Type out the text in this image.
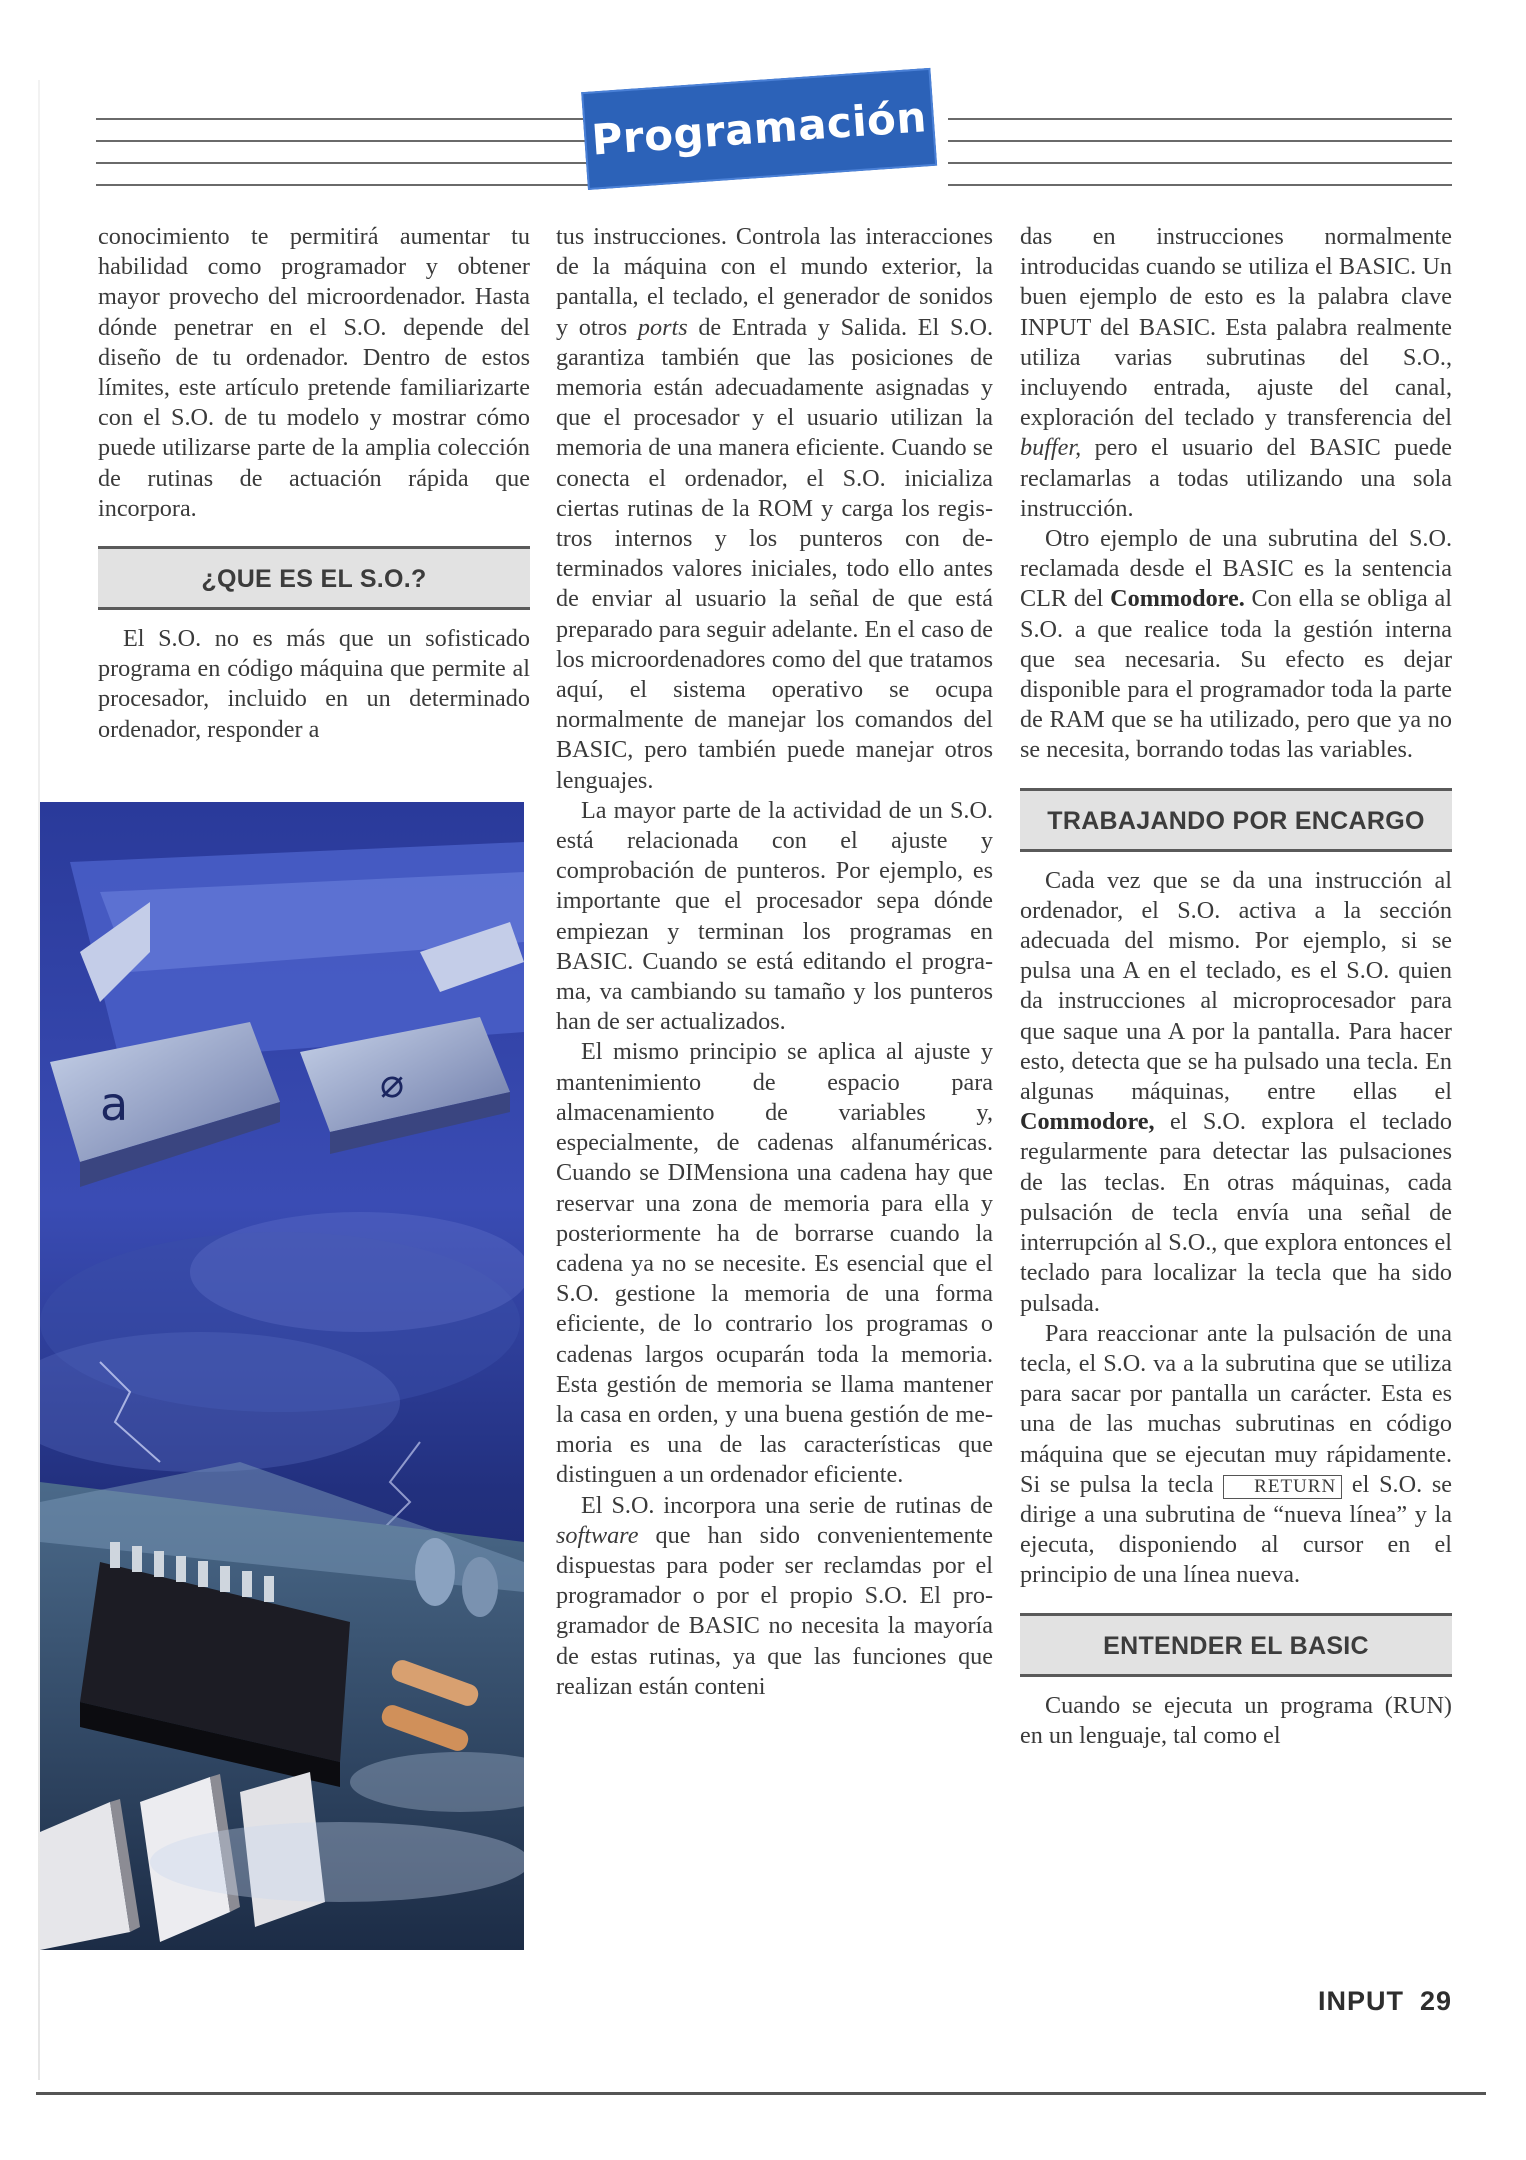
Programación

conocimiento te permitirá aumentar tu habilidad como programador y obtener mayor provecho del microordenador. Hasta dónde penetrar en el S.O. depende del diseño de tu ordenador. Dentro de estos límites, este artículo pretende familiarizarte con el S.O. de tu modelo y mostrar cómo puede utilizarse parte de la amplia colección de rutinas de actuación rápida que incorpora.

¿QUE ES EL S.O.?

El S.O. no es más que un sofisticado programa en código máquina que permite al procesador, incluido en un determinado ordenador, responder a

a	⌀

tus instrucciones. Controla las interacciones de la máquina con el mundo exterior, la pantalla, el teclado, el generador de sonidos y otros ports de Entrada y Salida. El S.O. garantiza también que las posiciones de memoria están adecuadamente asignadas y que el procesador y el usuario utilizan la memoria de una manera eficiente. Cuando se conecta el ordenador, el S.O. inicializa ciertas rutinas de la ROM y carga los registros internos y los punteros con determinados valores iniciales, todo ello antes de enviar al usuario la señal de que está preparado para seguir adelante. En el caso de los microordenadores como del que tratamos aquí, el sistema operativo se ocupa normalmente de manejar los comandos del BASIC, pero también puede manejar otros lenguajes.

La mayor parte de la actividad de un S.O. está relacionada con el ajuste y comprobación de punteros. Por ejemplo, es importante que el procesador sepa dónde empiezan y terminan los programas en BASIC. Cuando se está editando el programa, va cambiando su tamaño y los punteros han de ser actualizados.

El mismo principio se aplica al ajuste y mantenimiento de espacio para almacenamiento de variables y, especialmente, de cadenas alfanuméricas. Cuando se DIMensiona una cadena hay que reservar una zona de memoria para ella y posteriormente ha de borrarse cuando la cadena ya no se necesite. Es esencial que el S.O. gestione la memoria de una forma eficiente, de lo contrario los programas o cadenas largos ocuparán toda la memoria. Esta gestión de memoria se llama mantener la casa en orden, y una buena gestión de memoria es una de las características que distinguen a un ordenador eficiente.

El S.O. incorpora una serie de rutinas de software que han sido convenientemente dispuestas para poder ser reclamdas por el programador o por el propio S.O. El programador de BASIC no necesita la mayoría de estas rutinas, ya que las funciones que realizan están conteni

das en instrucciones normalmente introducidas cuando se utiliza el BASIC. Un buen ejemplo de esto es la palabra clave INPUT del BASIC. Esta palabra realmente utiliza varias subrutinas del S.O., incluyendo entrada, ajuste del canal, exploración del teclado y transferencia del buffer, pero el usuario del BASIC puede reclamarlas a todas utilizando una sola instrucción.

Otro ejemplo de una subrutina del S.O. reclamada desde el BASIC es la sentencia CLR del Commodore. Con ella se obliga al S.O. a que realice toda la gestión interna que sea necesaria. Su efecto es dejar disponible para el programador toda la parte de RAM que se ha utilizado, pero que ya no se necesita, borrando todas las variables.

TRABAJANDO POR ENCARGO

Cada vez que se da una instrucción al ordenador, el S.O. activa a la sección adecuada del mismo. Por ejemplo, si se pulsa una A en el teclado, es el S.O. quien da instrucciones al microprocesador para que saque una A por la pantalla. Para hacer esto, detecta que se ha pulsado una tecla. En algunas máquinas, entre ellas el Commodore, el S.O. explora el teclado regularmente para detectar las pulsaciones de las teclas. En otras máquinas, cada pulsación de tecla envía una señal de interrupción al S.O., que explora entonces el teclado para localizar la tecla que ha sido pulsada.

Para reaccionar ante la pulsación de una tecla, el S.O. va a la subrutina que se utiliza para sacar por pantalla un carácter. Esta es una de las muchas subrutinas en código máquina que se ejecutan muy rápidamente. Si se pulsa la tecla RETURN el S.O. se dirige a una subrutina de “nueva línea” y la ejecuta, disponiendo al cursor en el principio de una línea nueva.

ENTENDER EL BASIC

Cuando se ejecuta un programa (RUN) en un lenguaje, tal como el

INPUT 29
